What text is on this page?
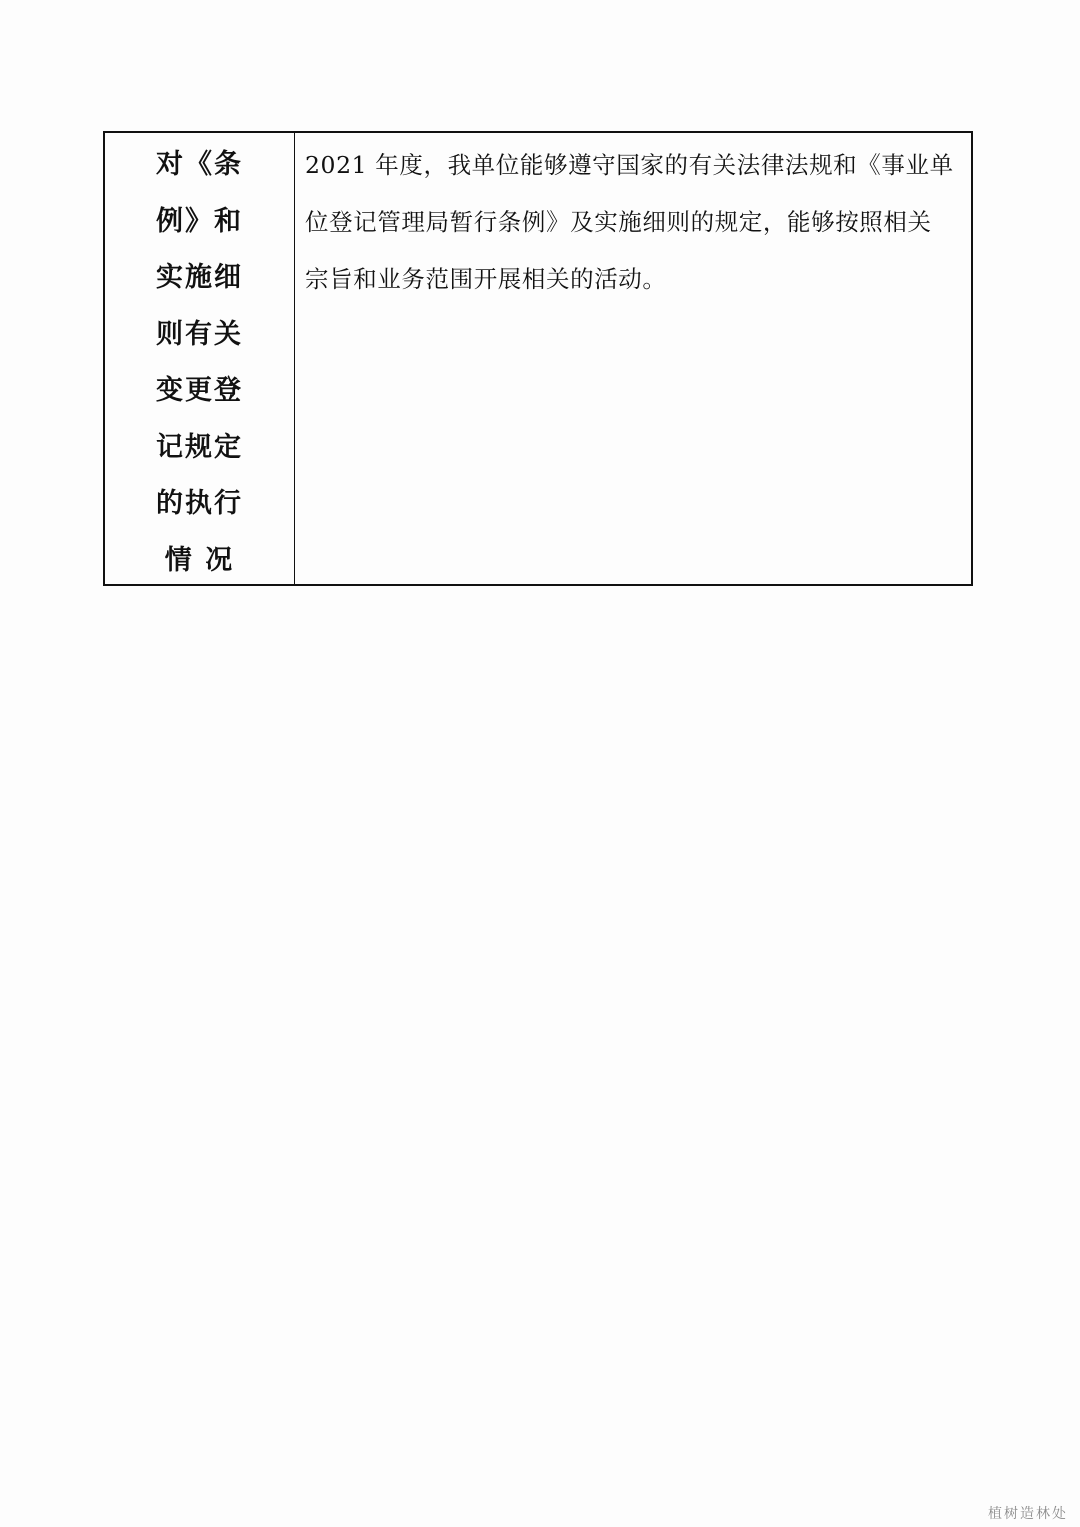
对《条
例》和
实施细
则有关
变更登
记规定
的执行
情 况
2021 年度，我单位能够遵守国家的有关法律法规和《事业单
位登记管理局暂行条例》及实施细则的规定，能够按照相关
宗旨和业务范围开展相关的活动。
植树造林处
